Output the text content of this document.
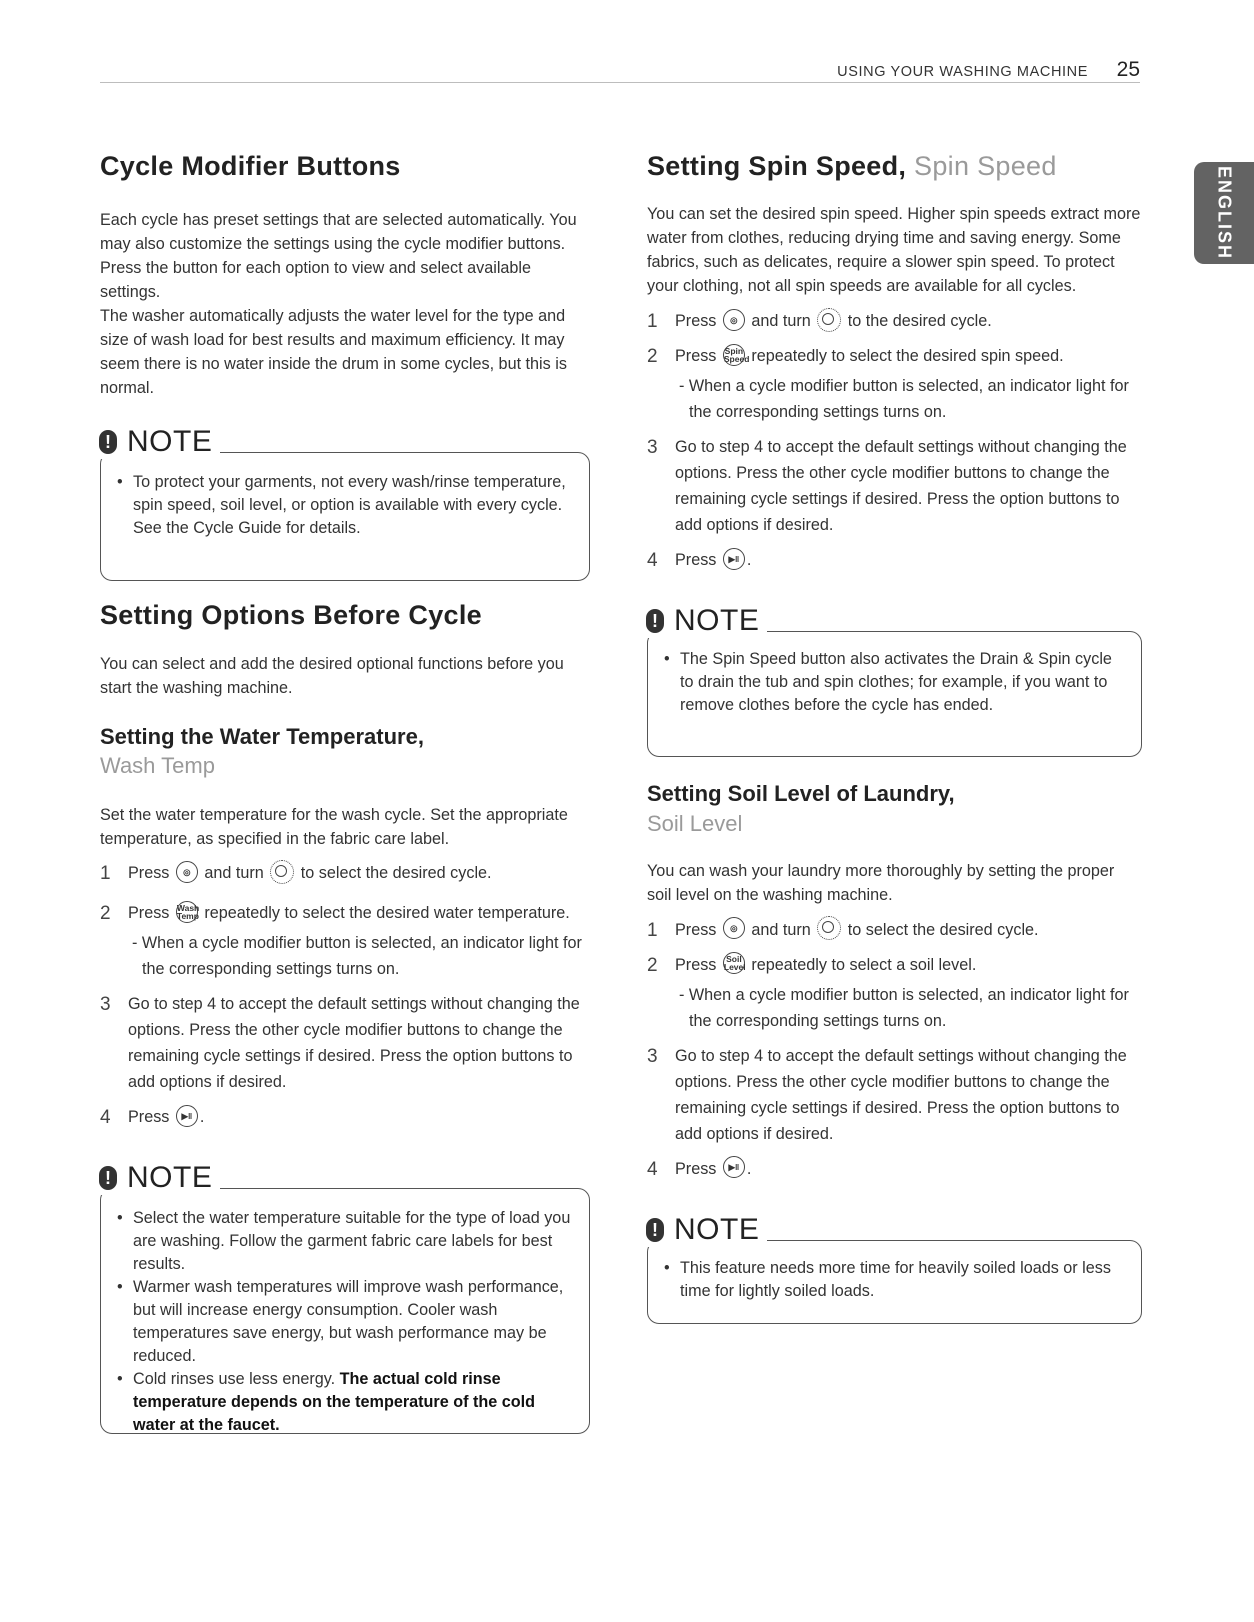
USING YOUR WASHING MACHINE 25
ENGLISH
Cycle Modifier Buttons

Each cycle has preset settings that are selected automatically. You may also customize the settings using the cycle modifier buttons. Press the button for each option to view and select available settings.

The washer automatically adjusts the water level for the type and size of wash load for best results and maximum efficiency. It may seem there is no water inside the drum in some cycles, but this is normal.

! NOTE
• To protect your garments, not every wash/rinse temperature, spin speed, soil level, or option is available with every cycle. See the Cycle Guide for details.
Setting Options Before Cycle

You can select and add the desired optional functions before you start the washing machine.

Setting the Water Temperature,
Wash Temp

Set the water temperature for the wash cycle. Set the appropriate temperature, as specified in the fabric care label.

1 Press	◎ and turn to select the desired cycle.
2 Press Wash
Temp repeatedly to select the desired water temperature.
- When a cycle modifier button is selected, an indicator light for the corresponding settings turns on.
3 Go to step 4 to accept the default settings without changing the options. Press the other cycle modifier buttons to change the remaining cycle settings if desired. Press the option buttons to add options if desired.
4 Press	▶‖ .
! NOTE
• Select the water temperature suitable for the type of load you are washing. Follow the garment fabric care labels for best results.
• Warmer wash temperatures will improve wash performance, but will increase energy consumption. Cooler wash temperatures save energy, but wash performance may be reduced.
• Cold rinses use less energy. The actual cold rinse temperature depends on the temperature of the cold water at the faucet.
Setting Spin Speed, Spin Speed

You can set the desired spin speed. Higher spin speeds extract more water from clothes, reducing drying time and saving energy. Some fabrics, such as delicates, require a slower spin speed. To protect your clothing, not all spin speeds are available for all cycles.

1 Press	◎ and turn to the desired cycle.
2 Press Spin
Speed repeatedly to select the desired spin speed.
- When a cycle modifier button is selected, an indicator light for the corresponding settings turns on.
3 Go to step 4 to accept the default settings without changing the options. Press the other cycle modifier buttons to change the remaining cycle settings if desired. Press the option buttons to add options if desired.
4 Press	▶‖ .
! NOTE
• The Spin Speed button also activates the Drain & Spin cycle to drain the tub and spin clothes; for example, if you want to remove clothes before the cycle has ended.
Setting Soil Level of Laundry,
Soil Level

You can wash your laundry more thoroughly by setting the proper soil level on the washing machine.

1 Press	◎ and turn to select the desired cycle.
2 Press Soil
Level repeatedly to select a soil level.
- When a cycle modifier button is selected, an indicator light for the corresponding settings turns on.
3 Go to step 4 to accept the default settings without changing the options. Press the other cycle modifier buttons to change the remaining cycle settings if desired. Press the option buttons to add options if desired.
4 Press	▶‖ .
! NOTE
• This feature needs more time for heavily soiled loads or less time for lightly soiled loads.
